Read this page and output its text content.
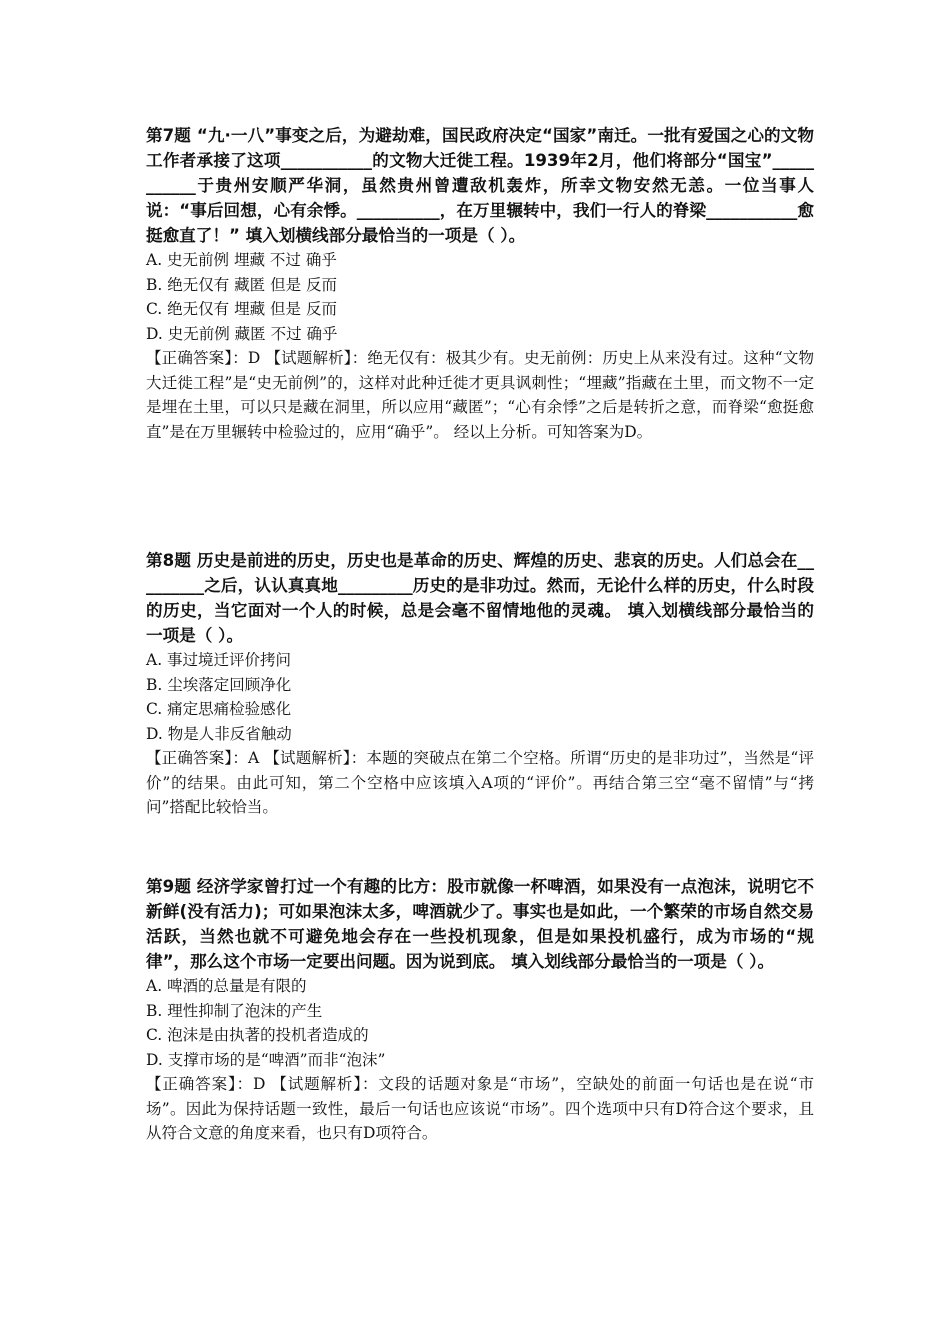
第7题 “九·一八”事变之后，为避劫难，国民政府决定“国家”南迁。一批有爱国之心的文物工作者承接了这项___________的文物大迁徙工程。1939年2月，他们将部分“国宝”___________于贵州安顺严华洞，虽然贵州曾遭敌机轰炸，所幸文物安然无恙。一位当事人说：“事后回想，心有余悸。__________，在万里辗转中，我们一行人的脊梁___________愈挺愈直了！” 填入划横线部分最恰当的一项是（ ）。

A. 史无前例 埋藏 不过 确乎

B. 绝无仅有 藏匿 但是 反而

C. 绝无仅有 埋藏 但是 反而

D. 史无前例 藏匿 不过 确乎

【正确答案】：D 【试题解析】：绝无仅有：极其少有。史无前例：历史上从来没有过。这种“文物大迁徙工程”是“史无前例”的，这样对此种迁徙才更具讽刺性；“埋藏”指藏在土里，而文物不一定是埋在土里，可以只是藏在洞里，所以应用“藏匿”；“心有余悸”之后是转折之意，而脊梁“愈挺愈直”是在万里辗转中检验过的，应用“确乎”。 经以上分析。可知答案为D。

第8题 历史是前进的历史，历史也是革命的历史、辉煌的历史、悲哀的历史。人们总会在_________之后，认认真真地_________历史的是非功过。然而，无论什么样的历史，什么时段的历史，当它面对一个人的时候，总是会毫不留情地他的灵魂。 填入划横线部分最恰当的一项是（ ）。

A. 事过境迁评价拷问

B. 尘埃落定回顾净化

C. 痛定思痛检验感化

D. 物是人非反省触动

【正确答案】：A 【试题解析】：本题的突破点在第二个空格。所谓“历史的是非功过”，当然是“评价”的结果。由此可知，第二个空格中应该填入A项的“评价”。再结合第三空“毫不留情”与“拷问”搭配比较恰当。

第9题 经济学家曾打过一个有趣的比方：股市就像一杯啤酒，如果没有一点泡沫，说明它不新鲜(没有活力)；可如果泡沫太多，啤酒就少了。事实也是如此，一个繁荣的市场自然交易活跃，当然也就不可避免地会存在一些投机现象，但是如果投机盛行，成为市场的“规律”，那么这个市场一定要出问题。因为说到底。 填入划线部分最恰当的一项是（ ）。

A. 啤酒的总量是有限的

B. 理性抑制了泡沫的产生

C. 泡沫是由执著的投机者造成的

D. 支撑市场的是“啤酒”而非“泡沫”

【正确答案】：D 【试题解析】：文段的话题对象是“市场”，空缺处的前面一句话也是在说“市场”。因此为保持话题一致性，最后一句话也应该说“市场”。四个选项中只有D符合这个要求，且从符合文意的角度来看，也只有D项符合。
